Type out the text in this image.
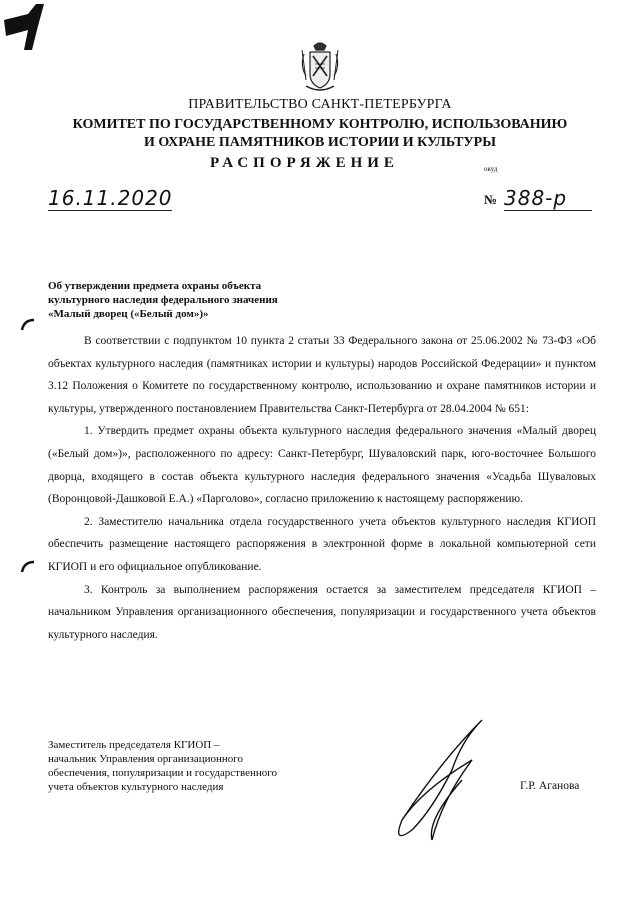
ПРАВИТЕЛЬСТВО САНКТ-ПЕТЕРБУРГА
КОМИТЕТ ПО ГОСУДАРСТВЕННОМУ КОНТРОЛЮ, ИСПОЛЬЗОВАНИЮ
И ОХРАНЕ ПАМЯТНИКОВ ИСТОРИИ И КУЛЬТУРЫ
РАСПОРЯЖЕНИЕ	окуд
16.11.2020	№ 388-р
Об утверждении предмета охраны объекта
культурного наследия федерального значения
«Малый дворец («Белый дом»)»

В соответствии с подпунктом 10 пункта 2 статьи 33 Федерального закона от 25.06.2002 № 73-ФЗ «Об объектах культурного наследия (памятниках истории и культуры) народов Российской Федерации» и пунктом 3.12 Положения о Комитете по государственному контролю, использованию и охране памятников истории и культуры, утвержденного постановлением Правительства Санкт-Петербурга от 28.04.2004 № 651:

1. Утвердить предмет охраны объекта культурного наследия федерального значения «Малый дворец («Белый дом»)», расположенного по адресу: Санкт-Петербург, Шуваловский парк, юго-восточнее Большого дворца, входящего в состав объекта культурного наследия федерального значения «Усадьба Шуваловых (Воронцовой-Дашковой Е.А.) «Парголово», согласно приложению к настоящему распоряжению.

2. Заместителю начальника отдела государственного учета объектов культурного наследия КГИОП обеспечить размещение настоящего распоряжения в электронной форме в локальной компьютерной сети КГИОП и его официальное опубликование.

3. Контроль за выполнением распоряжения остается за заместителем председателя КГИОП – начальником Управления организационного обеспечения, популяризации и государственного учета объектов культурного наследия.

Заместитель председателя КГИОП –
начальник Управления организационного
обеспечения, популяризации и государственного
учета объектов культурного наследия	Г.Р. Аганова
